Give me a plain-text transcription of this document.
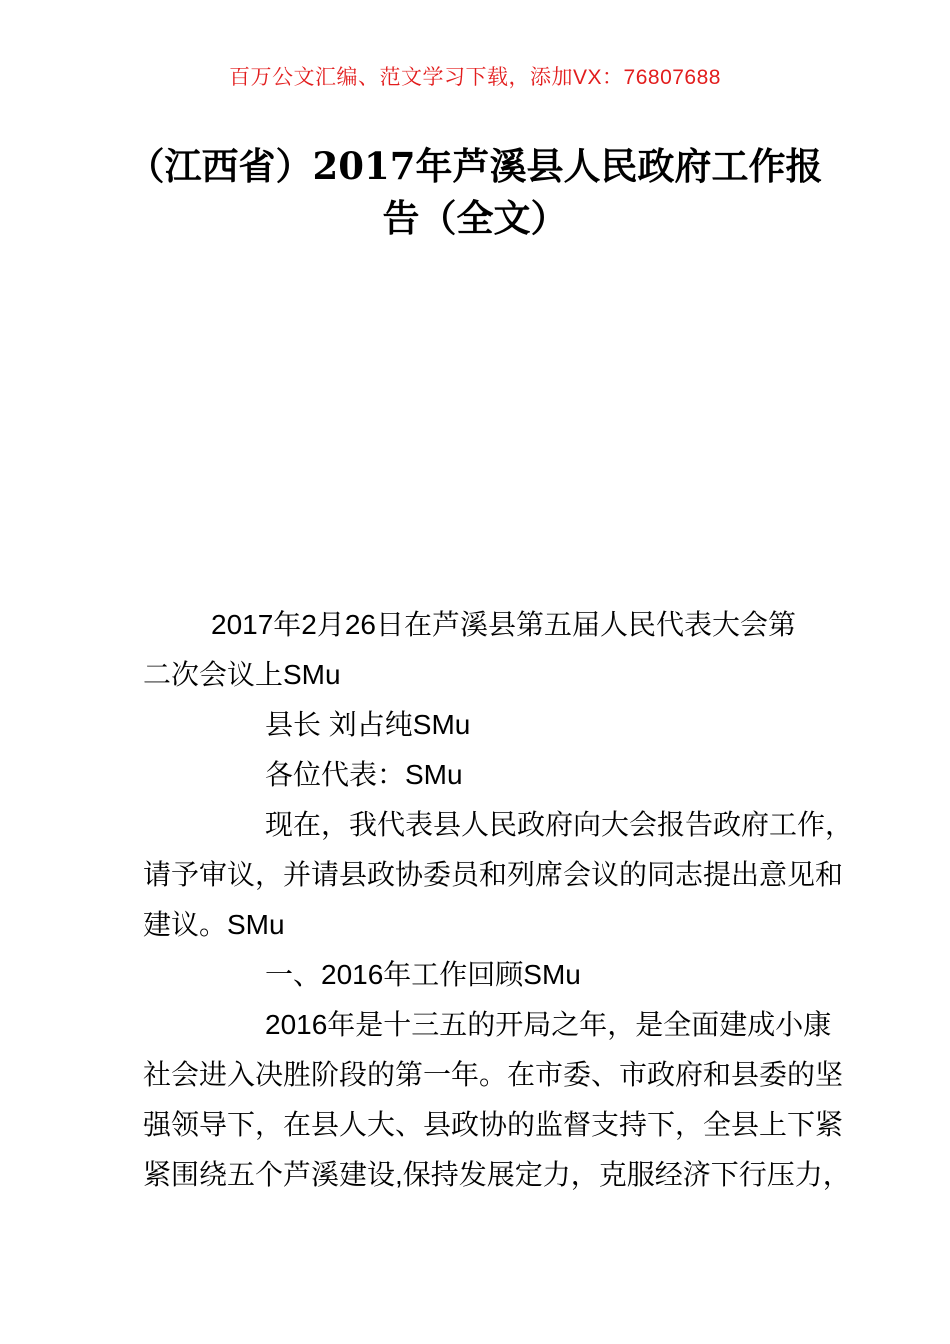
百万公文汇编、范文学习下载，添加VX：76807688
（江西省）2017年芦溪县人民政府工作报
告（全文）
2017年2月26日在芦溪县第五届人民代表大会第
二次会议上SMu
县长 刘占纯SMu
各位代表：SMu
现在，我代表县人民政府向大会报告政府工作，
请予审议，并请县政协委员和列席会议的同志提出意见和
建议。SMu
一、2016年工作回顾SMu
2016年是十三五的开局之年，是全面建成小康
社会进入决胜阶段的第一年。在市委、市政府和县委的坚
强领导下，在县人大、县政协的监督支持下，全县上下紧
紧围绕五个芦溪建设,保持发展定力，克服经济下行压力，
